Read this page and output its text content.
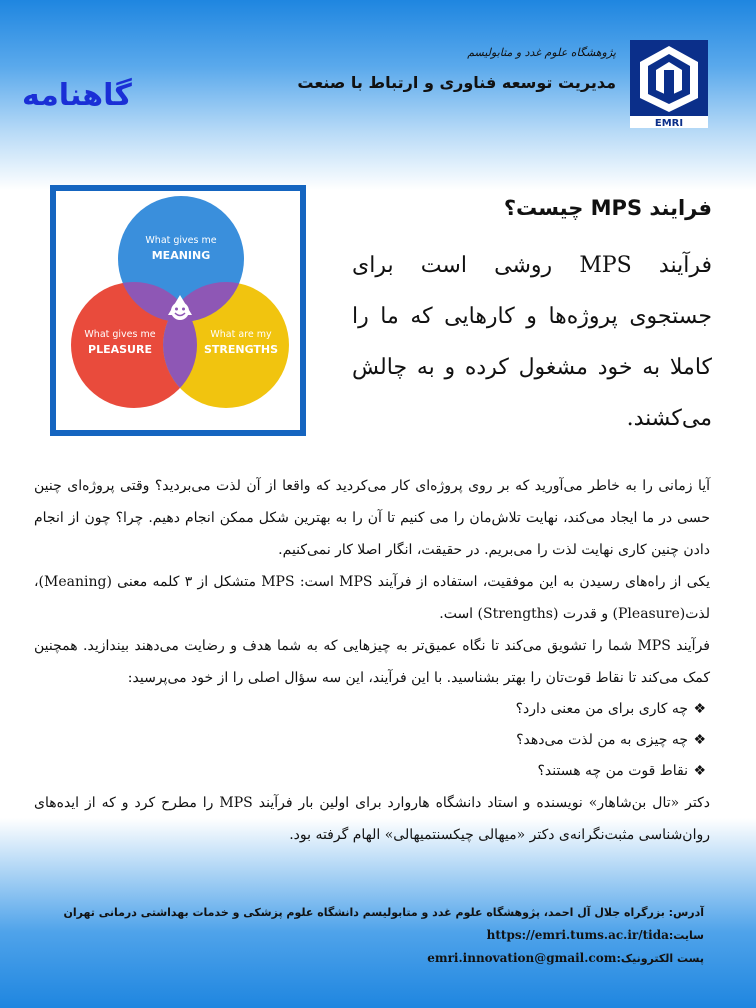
گاهنامه
پژوهشگاه علوم غدد و متابولیسم
مدیریت توسعه فناوری و ارتباط با صنعت
EMRI
What gives me
MEANING
What gives me
PLEASURE
What are my
STRENGTHS
فرایند MPS چیست؟
فرآیند MPS روشی است برای جستجوی پروژه‌ها و کارهایی که ما را کاملا به خود مشغول کرده و به چالش می‌کشند.

آیا زمانی را به خاطر می‌آورید که بر روی پروژه‌ای کار می‌کردید که واقعا از آن لذت می‌بردید؟ وقتی پروژه‌ای چنین حسی در ما ایجاد می‌کند، نهایت تلاش‌مان را می کنیم تا آن را به بهترین شکل ممکن انجام دهیم. چرا؟ چون از انجام دادن چنین کاری نهایت لذت را می‌بریم. در حقیقت، انگار اصلا کار نمی‌کنیم.

یکی از راه‌های رسیدن به این موفقیت، استفاده از فرآیند MPS است: MPS متشکل از ۳ کلمه معنی (Meaning)، لذت(Pleasure) و قدرت (Strengths) است.

فرآیند MPS شما را تشویق می‌کند تا نگاه عمیق‌تر به چیزهایی که به شما هدف و رضایت می‌دهند بیندازید. همچنین کمک می‌کند تا نقاط قوت‌تان را بهتر بشناسید. با این فرآیند، این سه سؤال اصلی را از خود می‌پرسید:

❖چه کاری برای من معنی دارد؟
❖چه چیزی به من لذت می‌دهد؟
❖نقاط قوت من چه هستند؟

دکتر «تال بن‌شاهار» نویسنده و استاد دانشگاه هاروارد برای اولین بار فرآیند MPS را مطرح کرد و که از ایده‌های روان‌شناسی مثبت‌نگرانه‌ی دکتر «میهالی چیکسنتمیهالی» الهام گرفته بود.

آدرس: بزرگراه جلال آل احمد، پژوهشگاه علوم غدد و متابولیسم دانشگاه علوم پزشکی و خدمات بهداشتی درمانی تهران
سایت:https://emri.tums.ac.ir/tida
پست الکترونیک:emri.innovation@gmail.com
